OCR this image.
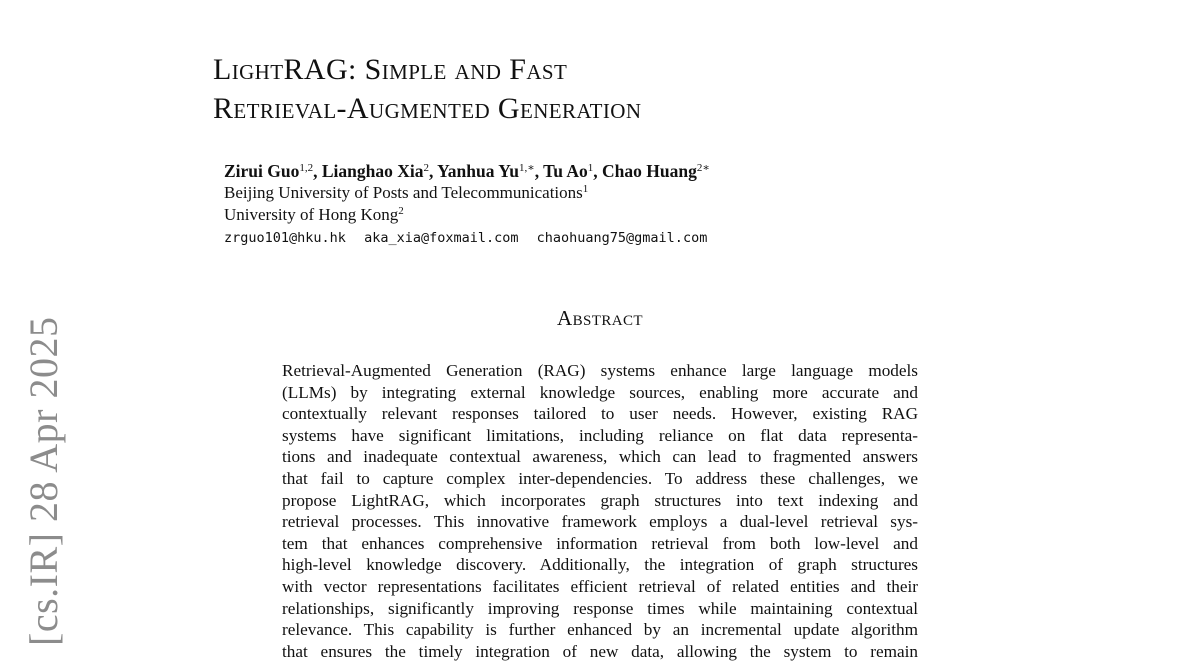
[cs.IR] 28 Apr 2025
LightRAG: Simple and Fast
Retrieval-Augmented Generation
Zirui Guo$^{1,2}$, Lianghao Xia$^2$, Yanhua $Yu^{1,∗}$, Tu Ao$^1$, Chao Huang$^{2∗}$
Beijing University of Posts and Telecommunications$^1$
University of Hong Kong$^2$
zrguo101@hku.hk aka_xia@foxmail.com chaohuang75@gmail.com
Abstract
Retrieval-Augmented Generation (RAG) systems enhance large language models
(LLMs) by integrating external knowledge sources, enabling more accurate and
contextually relevant responses tailored to user needs. However, existing RAG
systems have significant limitations, including reliance on flat data representa-
tions and inadequate contextual awareness, which can lead to fragmented answers
that fail to capture complex inter-dependencies. To address these challenges, we
propose LightRAG, which incorporates graph structures into text indexing and
retrieval processes. This innovative framework employs a dual-level retrieval sys-
tem that enhances comprehensive information retrieval from both low-level and
high-level knowledge discovery. Additionally, the integration of graph structures
with vector representations facilitates efficient retrieval of related entities and their
relationships, significantly improving response times while maintaining contextual
relevance. This capability is further enhanced by an incremental update algorithm
that ensures the timely integration of new data, allowing the system to remain
